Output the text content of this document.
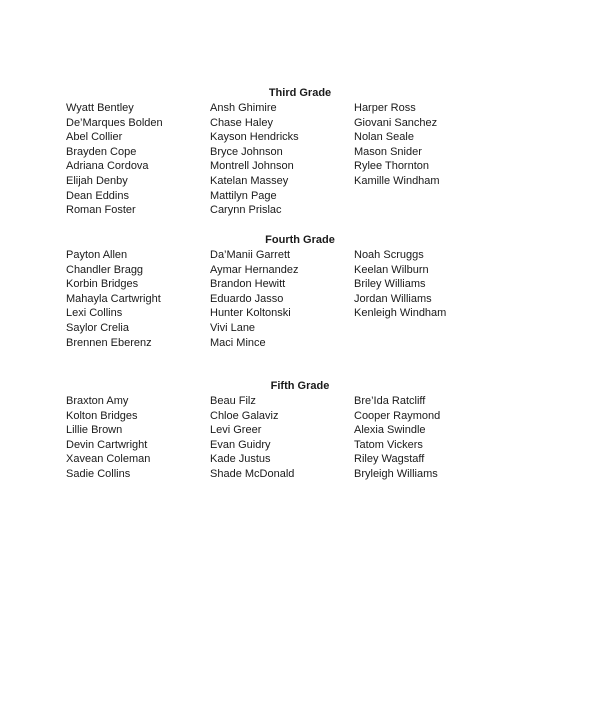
Third Grade
Wyatt Bentley
De’Marques Bolden
Abel Collier
Brayden Cope
Adriana Cordova
Elijah Denby
Dean Eddins
Roman Foster
Ansh Ghimire
Chase Haley
Kayson Hendricks
Bryce Johnson
Montrell Johnson
Katelan Massey
Mattilyn Page
Carynn Prislac
Harper Ross
Giovani Sanchez
Nolan Seale
Mason Snider
Rylee Thornton
Kamille Windham
Fourth Grade
Payton Allen
Chandler Bragg
Korbin Bridges
Mahayla Cartwright
Lexi Collins
Saylor Crelia
Brennen Eberenz
Da’Manii Garrett
Aymar Hernandez
Brandon Hewitt
Eduardo Jasso
Hunter Koltonski
Vivi Lane
Maci Mince
Noah Scruggs
Keelan Wilburn
Briley Williams
Jordan Williams
Kenleigh Windham
Fifth Grade
Braxton Amy
Kolton Bridges
Lillie Brown
Devin Cartwright
Xavean Coleman
Sadie Collins
Beau Filz
Chloe Galaviz
Levi Greer
Evan Guidry
Kade Justus
Shade McDonald
Bre’Ida Ratcliff
Cooper Raymond
Alexia Swindle
Tatom Vickers
Riley Wagstaff
Bryleigh Williams
